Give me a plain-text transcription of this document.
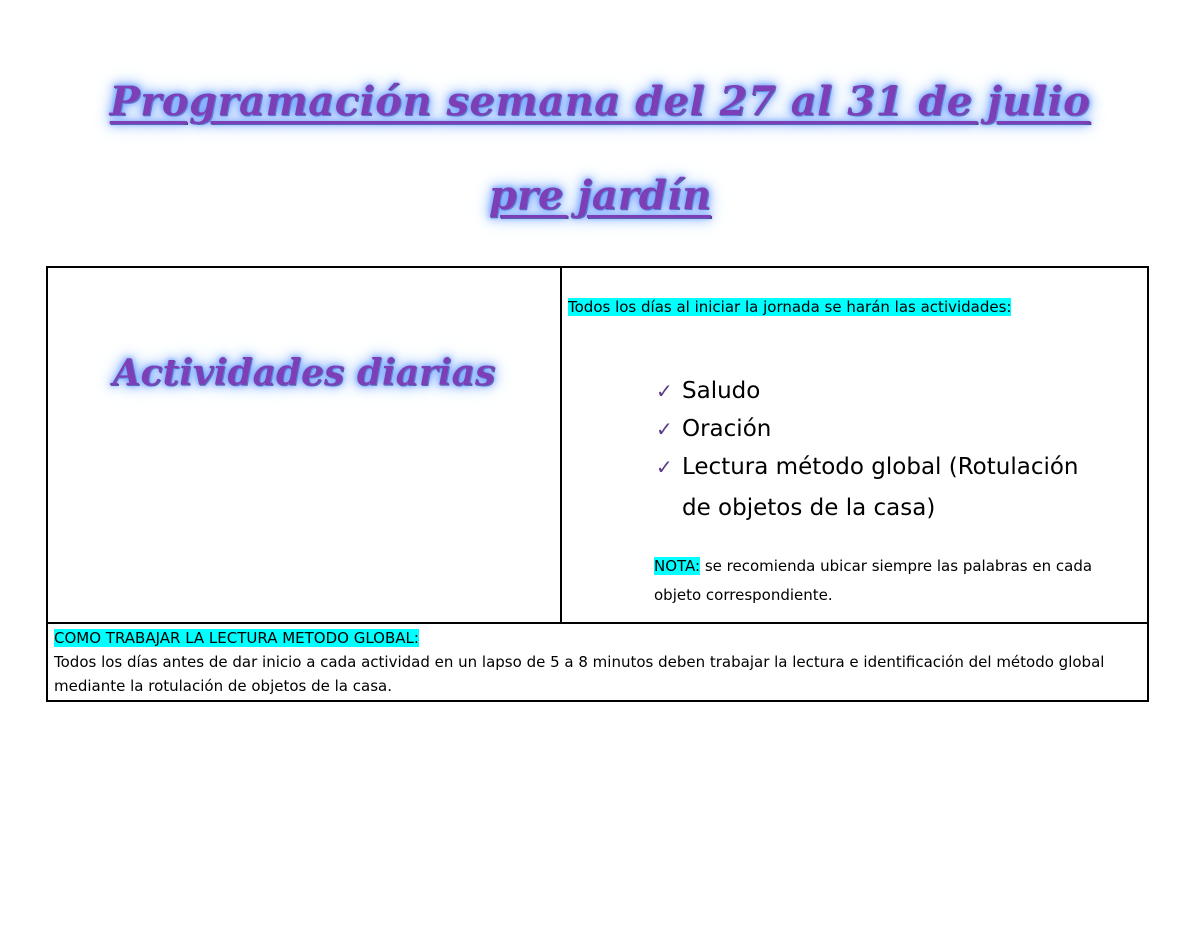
Programación semana del 27 al 31 de julio
pre jardín
Actividades diarias

Todos los días al iniciar la jornada se harán las actividades:
✓ Saludo
✓ Oración
✓ Lectura método global (Rotulación
de objetos de la casa)
NOTA: se recomienda ubicar siempre las palabras en cada objeto correspondiente.

COMO TRABAJAR LA LECTURA METODO GLOBAL:
Todos los días antes de dar inicio a cada actividad en un lapso de 5 a 8 minutos deben trabajar la lectura e identificación del método global mediante la rotulación de objetos de la casa.
